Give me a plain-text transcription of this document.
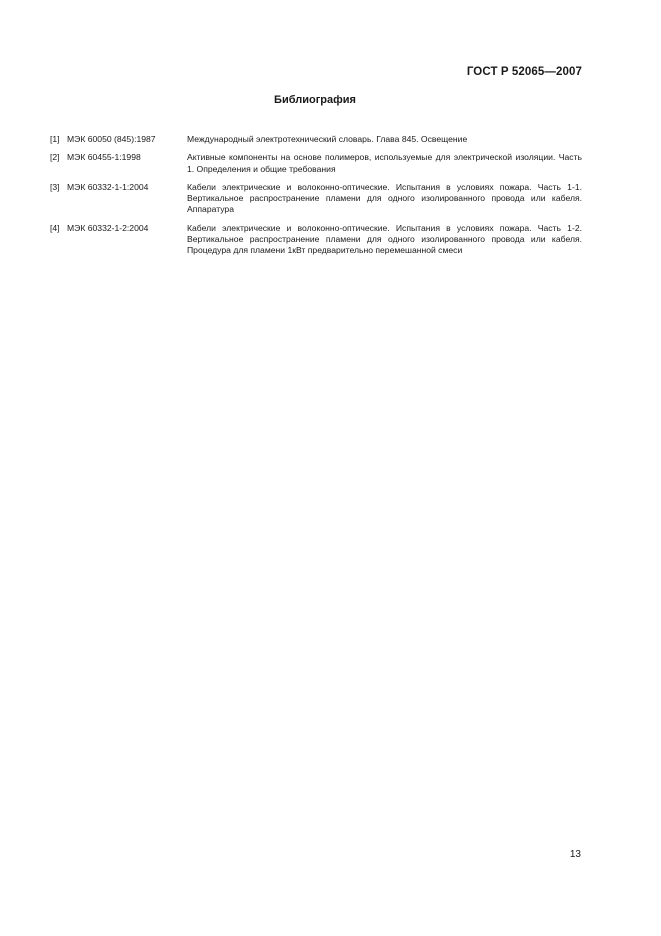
ГОСТ Р 52065—2007
Библиография
[1] МЭК 60050 (845):1987	Международный электротехнический словарь. Глава 845. Освещение
[2] МЭК 60455-1:1998	Активные компоненты на основе полимеров, используемые для электрической изоляции. Часть 1. Определения и общие требования
[3] МЭК 60332-1-1:2004	Кабели электрические и волоконно-оптические. Испытания в условиях пожара. Часть 1-1. Вертикальное распространение пламени для одного изолированного провода или кабеля. Аппаратура
[4] МЭК 60332-1-2:2004	Кабели электрические и волоконно-оптические. Испытания в условиях пожара. Часть 1-2. Вертикальное распространение пламени для одного изолированного провода или кабеля. Процедура для пламени 1кВт предварительно перемешанной смеси
13
